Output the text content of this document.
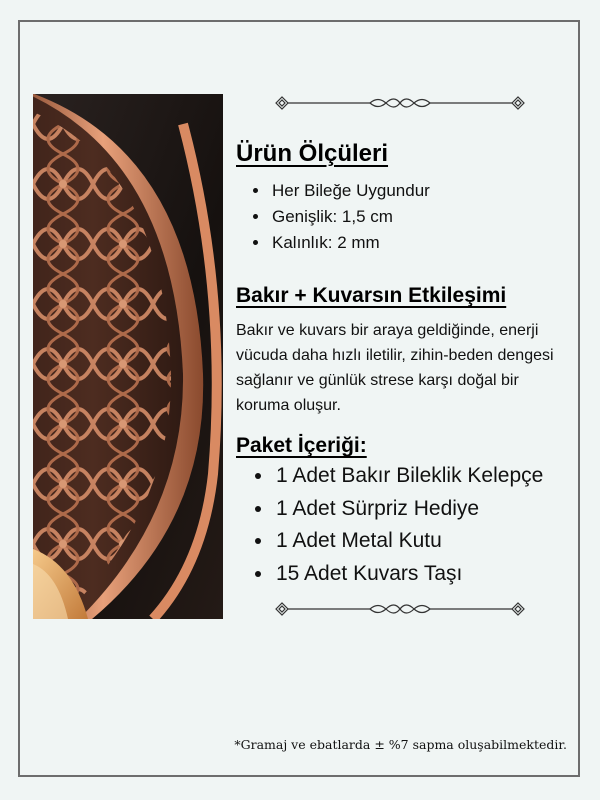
Ürün Ölçüleri
• Her Bileğe Uygundur
• Genişlik: 1,5 cm
• Kalınlık: 2 mm
Bakır + Kuvarsın Etkileşimi

Bakır ve kuvars bir araya geldiğinde, enerji vücuda daha hızlı iletilir, zihin-beden dengesi sağlanır ve günlük strese karşı doğal bir koruma oluşur.

Paket İçeriği:
• 1 Adet Bakır Bileklik Kelepçe
• 1 Adet Sürpriz Hediye
• 1 Adet Metal Kutu
• 15 Adet Kuvars Taşı
*Gramaj ve ebatlarda ± %7 sapma oluşabilmektedir.
